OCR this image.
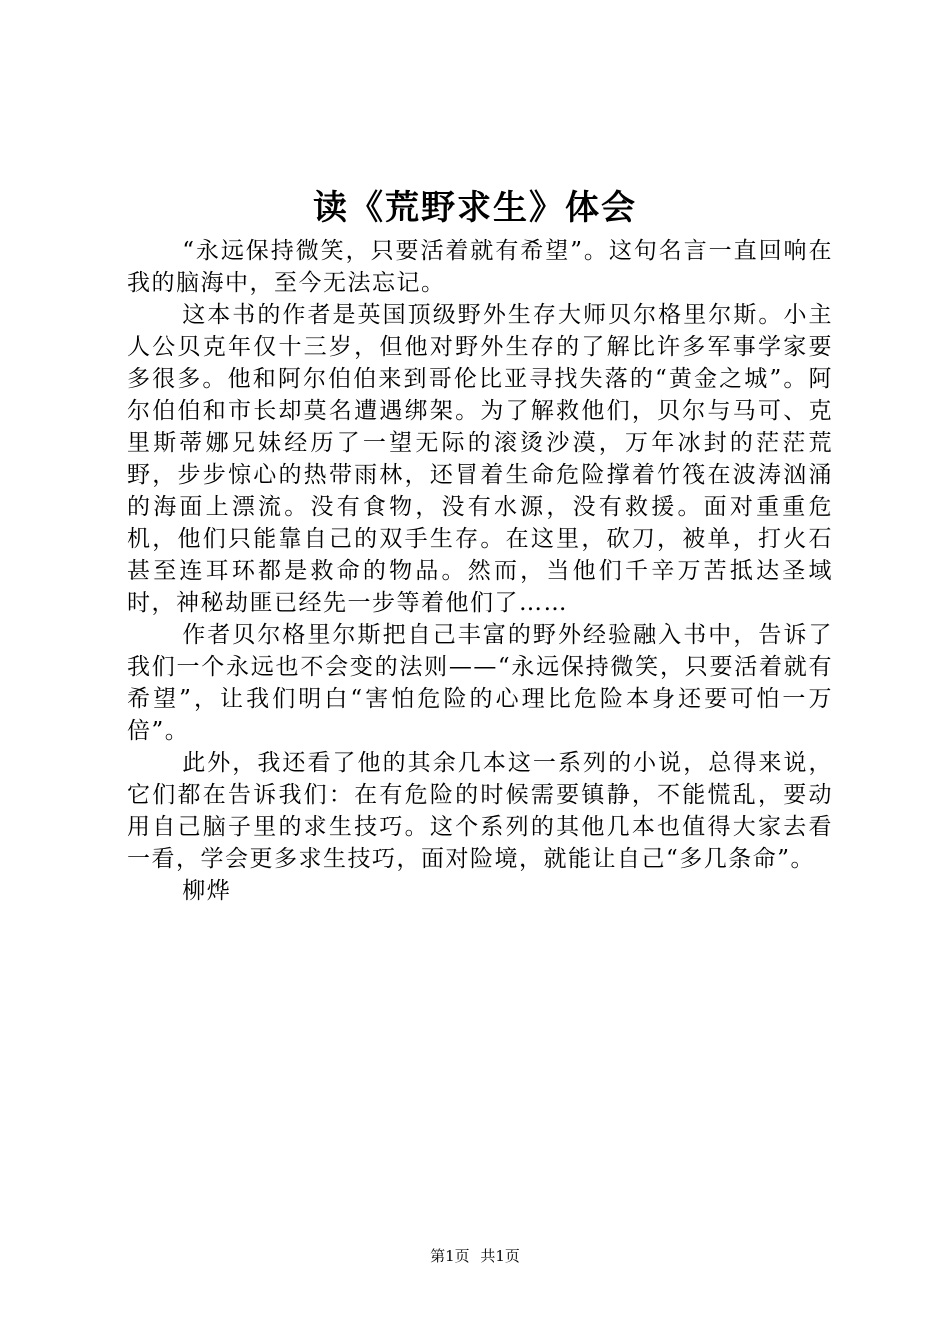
读《荒野求生》体会

“永远保持微笑，只要活着就有希望”。这句名言一直回响在我的脑海中，至今无法忘记。

这本书的作者是英国顶级野外生存大师贝尔格里尔斯。小主人公贝克年仅十三岁，但他对野外生存的了解比许多军事学家要多很多。他和阿尔伯伯来到哥伦比亚寻找失落的“黄金之城”。阿尔伯伯和市长却莫名遭遇绑架。为了解救他们，贝尔与马可、克里斯蒂娜兄妹经历了一望无际的滚烫沙漠，万年冰封的茫茫荒野，步步惊心的热带雨林，还冒着生命危险撑着竹筏在波涛汹涌的海面上漂流。没有食物，没有水源，没有救援。面对重重危机，他们只能靠自己的双手生存。在这里，砍刀，被单，打火石甚至连耳环都是救命的物品。然而，当他们千辛万苦抵达圣域时，神秘劫匪已经先一步等着他们了……

作者贝尔格里尔斯把自己丰富的野外经验融入书中，告诉了我们一个永远也不会变的法则——“永远保持微笑，只要活着就有希望”，让我们明白“害怕危险的心理比危险本身还要可怕一万倍”。

此外，我还看了他的其余几本这一系列的小说，总得来说，它们都在告诉我们：在有危险的时候需要镇静，不能慌乱，要动用自己脑子里的求生技巧。这个系列的其他几本也值得大家去看一看，学会更多求生技巧，面对险境，就能让自己“多几条命”。

柳烨

第1页 共1页
